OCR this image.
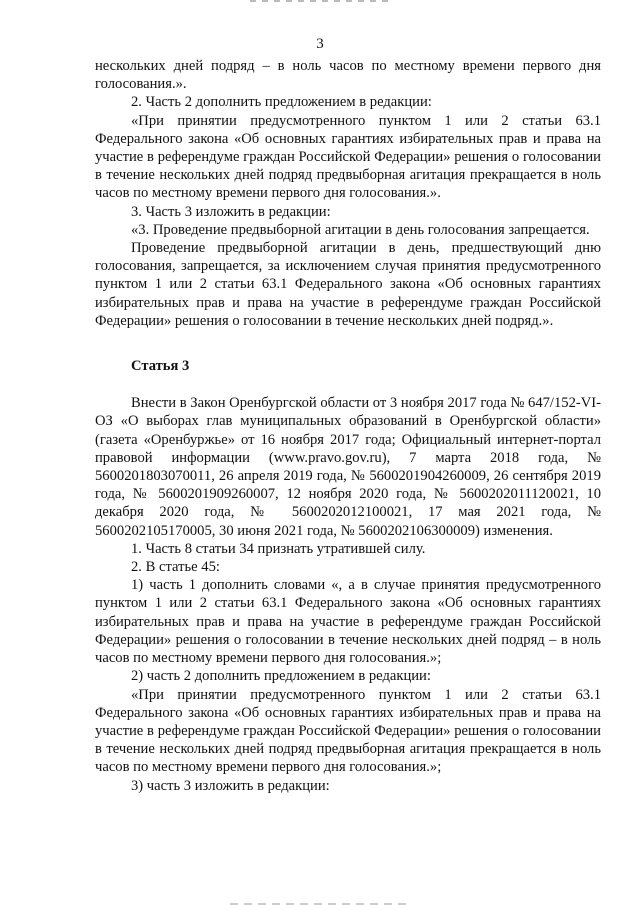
3

нескольких дней подряд – в ноль часов по местному времени первого дня голосования.».

2. Часть 2 дополнить предложением в редакции:

«При принятии предусмотренного пунктом 1 или 2 статьи 63.1 Федерального закона «Об основных гарантиях избирательных прав и права на участие в референдуме граждан Российской Федерации» решения о голосовании в течение нескольких дней подряд предвыборная агитация прекращается в ноль часов по местному времени первого дня голосования.».

3. Часть 3 изложить в редакции:

«3. Проведение предвыборной агитации в день голосования запрещается.

Проведение предвыборной агитации в день, предшествующий дню голосования, запрещается, за исключением случая принятия предусмотренного пунктом 1 или 2 статьи 63.1 Федерального закона «Об основных гарантиях избирательных прав и права на участие в референдуме граждан Российской Федерации» решения о голосовании в течение нескольких дней подряд.».

Статья 3

Внести в Закон Оренбургской области от 3 ноября 2017 года № 647/152-VI-ОЗ «О выборах глав муниципальных образований в Оренбургской области» (газета «Оренбуржье» от 16 ноября 2017 года; Официальный интернет-портал правовой информации (www.pravo.gov.ru), 7 марта 2018 года, № 5600201803070011, 26 апреля 2019 года, № 5600201904260009, 26 сентября 2019 года, № 5600201909260007, 12 ноября 2020 года, № 5600202011120021, 10 декабря 2020 года, № 5600202012100021, 17 мая 2021 года, № 5600202105170005, 30 июня 2021 года, № 5600202106300009) изменения.

1. Часть 8 статьи 34 признать утратившей силу.

2. В статье 45:

1) часть 1 дополнить словами «, а в случае принятия предусмотренного пунктом 1 или 2 статьи 63.1 Федерального закона «Об основных гарантиях избирательных прав и права на участие в референдуме граждан Российской Федерации» решения о голосовании в течение нескольких дней подряд – в ноль часов по местному времени первого дня голосования.»;

2) часть 2 дополнить предложением в редакции:

«При принятии предусмотренного пунктом 1 или 2 статьи 63.1 Федерального закона «Об основных гарантиях избирательных прав и права на участие в референдуме граждан Российской Федерации» решения о голосовании в течение нескольких дней подряд предвыборная агитация прекращается в ноль часов по местному времени первого дня голосования.»;

3) часть 3 изложить в редакции:
